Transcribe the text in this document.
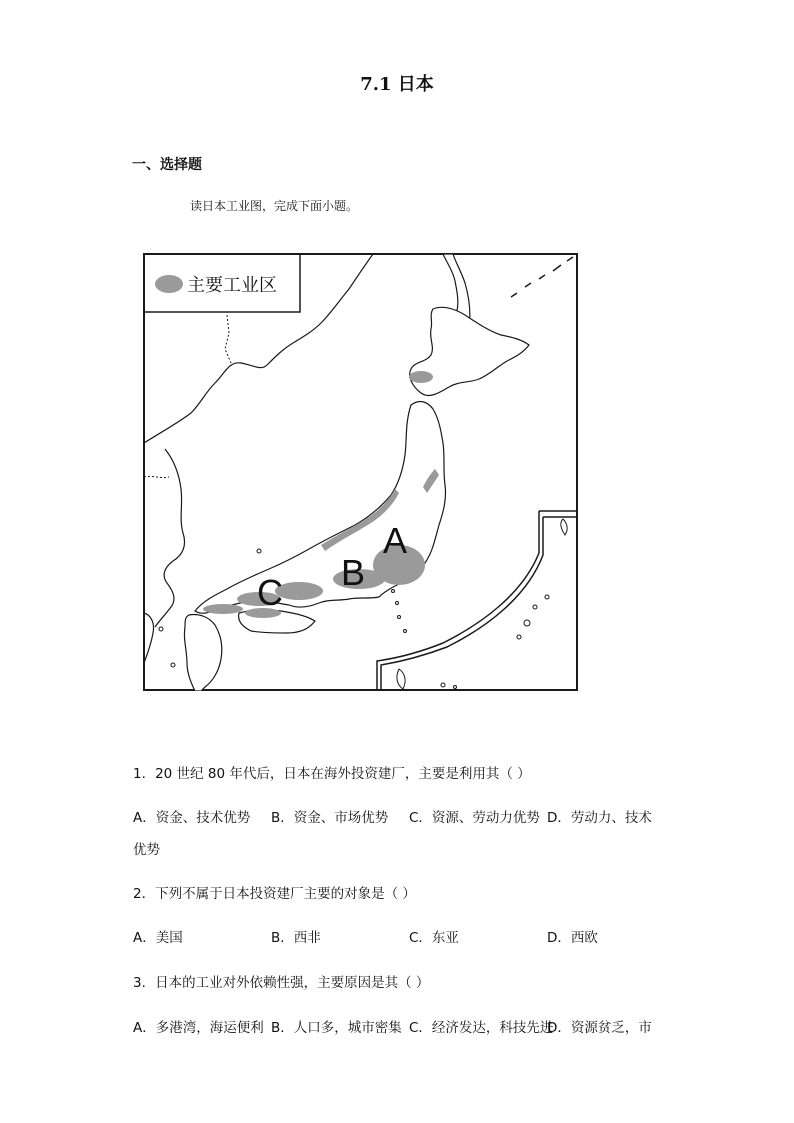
7.1 日本
一、选择题
读日本工业图，完成下面小题。
主要工业区
A
B
C
1．20 世纪 80 年代后，日本在海外投资建厂，主要是利用其（ ）
A．资金、技术优势 B．资金、市场优势 C．资源、劳动力优势 D．劳动力、技术
优势
2．下列不属于日本投资建厂主要的对象是（ ）
A．美国	B．西非	C．东亚	D．西欧
3．日本的工业对外依赖性强，主要原因是其（ ）
A．多港湾，海运便利 B．人口多，城市密集 C．经济发达，科技先进D．资源贫乏，市
